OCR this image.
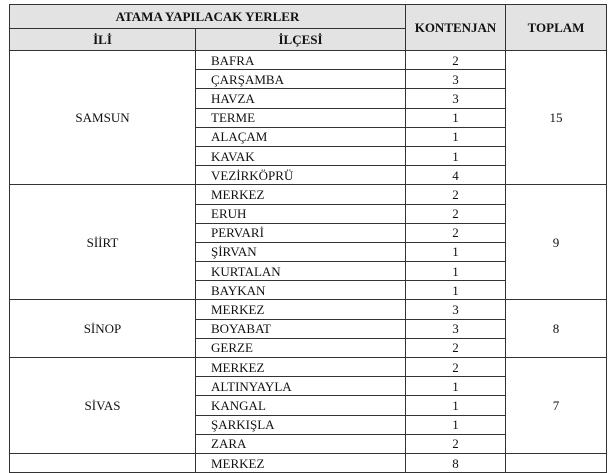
ATAMA YAPILACAK YERLER		KONTENJAN	TOPLAM
İLİ	İLÇESİ		
SAMSUN	BAFRA	2	15
	ÇARŞAMBA	3	
	HAVZA	3	
	TERME	1	
	ALAÇAM	1	
	KAVAK	1	
	VEZİRKÖPRÜ	4	
SİİRT	MERKEZ	2	9
	ERUH	2	
	PERVARİ	2	
	ŞİRVAN	1	
	KURTALAN	1	
	BAYKAN	1	
SİNOP	MERKEZ	3	8
	BOYABAT	3	
	GERZE	2	
SİVAS	MERKEZ	2	7
	ALTINYAYLA	1	
	KANGAL	1	
	ŞARKIŞLA	1	
	ZARA	2	
	MERKEZ	8	
